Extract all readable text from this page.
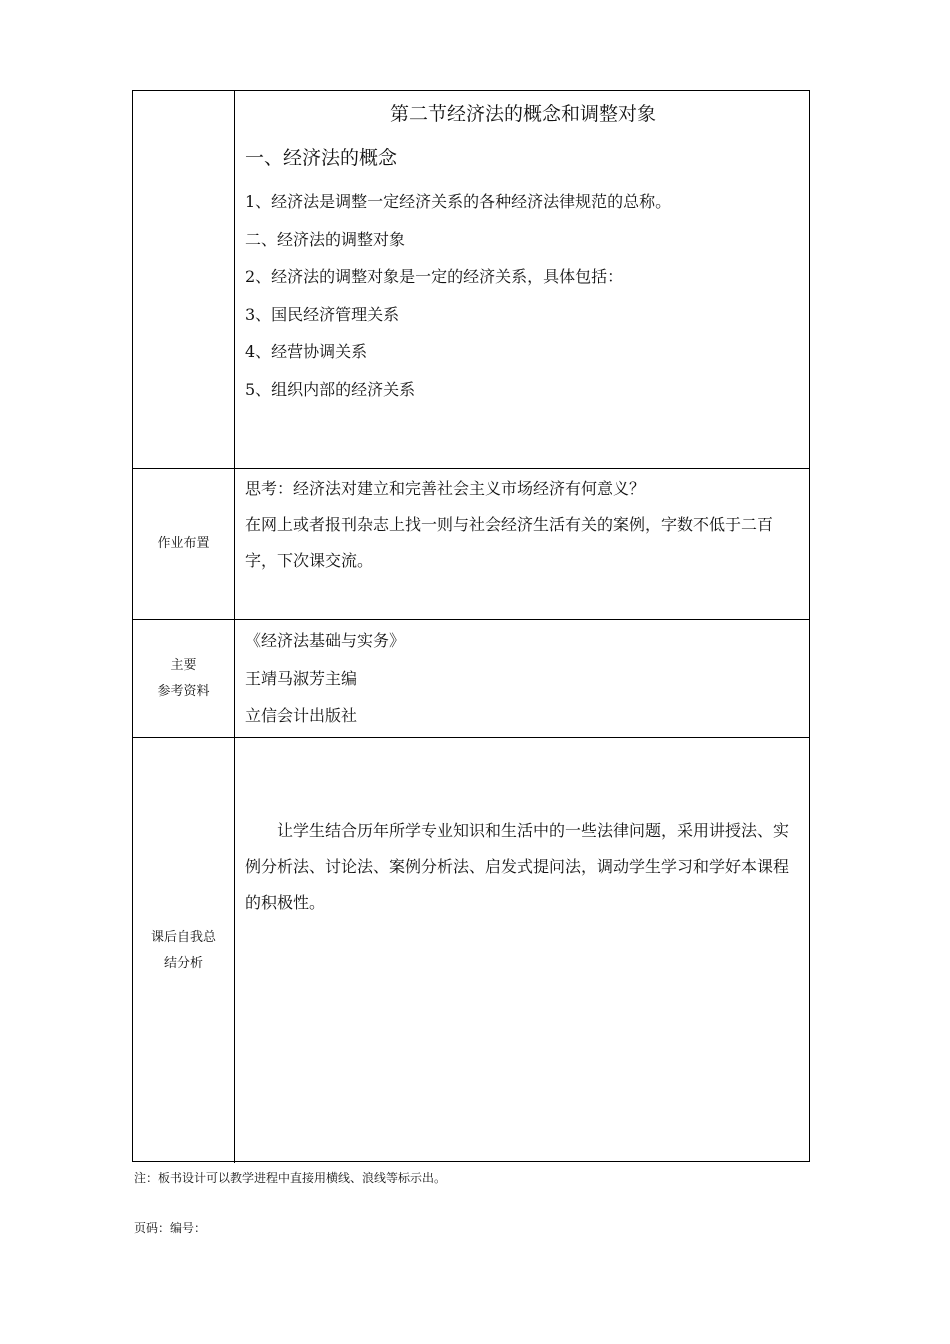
第二节经济法的概念和调整对象
一、经济法的概念
1、经济法是调整一定经济关系的各种经济法律规范的总称。
二、经济法的调整对象
2、经济法的调整对象是一定的经济关系，具体包括：
3、国民经济管理关系
4、经营协调关系
5、组织内部的经济关系
作业布置

思考：经济法对建立和完善社会主义市场经济有何意义？

在网上或者报刊杂志上找一则与社会经济生活有关的案例，字数不低于二百字，下次课交流。

主要
参考资料
《经济法基础与实务》
王靖马淑芳主编
立信会计出版社
课后自我总
结分析

让学生结合历年所学专业知识和生活中的一些法律问题，采用讲授法、实例分析法、讨论法、案例分析法、启发式提问法，调动学生学习和学好本课程的积极性。

注：板书设计可以教学进程中直接用横线、浪线等标示出。
页码：编号：
